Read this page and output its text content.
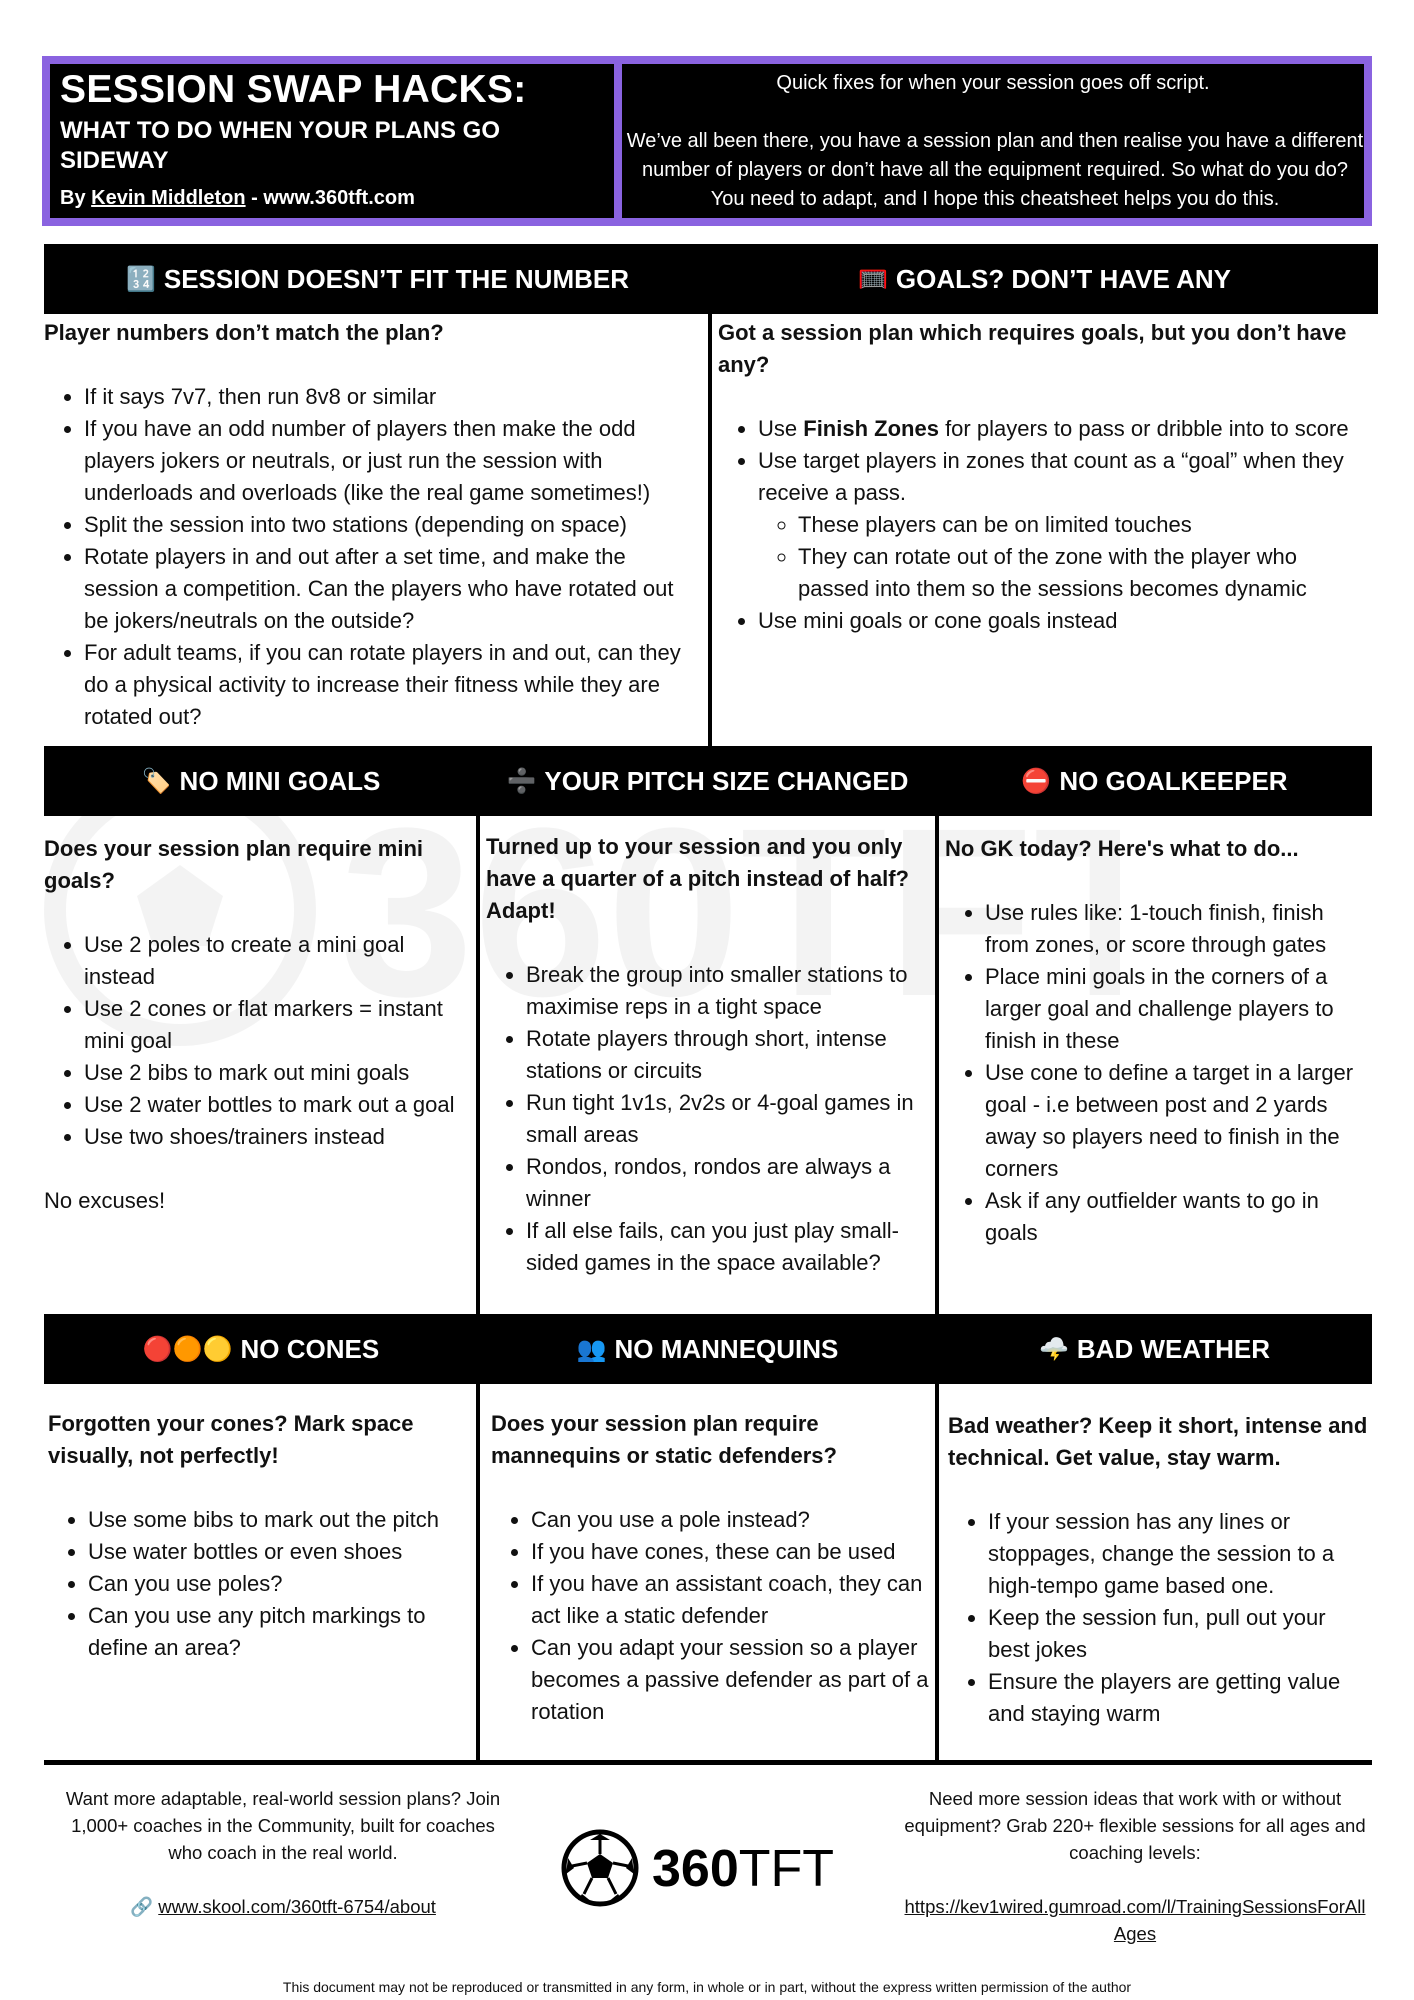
SESSION SWAP HACKS:
WHAT TO DO WHEN YOUR PLANS GO SIDEWAY
By Kevin Middleton - www.360tft.com
Quick fixes for when your session goes off script.
We’ve all been there, you have a session plan and then realise you have a different number of players or don’t have all the equipment required. So what do you do? You need to adapt, and I hope this cheatsheet helps you do this.
🔢 SESSION DOESN’T FIT THE NUMBER	🥅 GOALS? DON’T HAVE ANY
Player numbers don’t match the plan?
• If it says 7v7, then run 8v8 or similar
• If you have an odd number of players then make the odd players jokers or neutrals, or just run the session with underloads and overloads (like the real game sometimes!)
• Split the session into two stations (depending on space)
• Rotate players in and out after a set time, and make the session a competition. Can the players who have rotated out be jokers/neutrals on the outside?
• For adult teams, if you can rotate players in and out, can they do a physical activity to increase their fitness while they are rotated out?
Got a session plan which requires goals, but you don’t have any?
• Use Finish Zones for players to pass or dribble into to score
• Use target players in zones that count as a “goal” when they receive a pass.
◦ These players can be on limited touches
◦ They can rotate out of the zone with the player who passed into them so the sessions becomes dynamic
• Use mini goals or cone goals instead
🏷️ NO MINI GOALS	➗ YOUR PITCH SIZE CHANGED	⛔ NO GOALKEEPER
Does your session plan require mini goals?
• Use 2 poles to create a mini goal instead
• Use 2 cones or flat markers = instant mini goal
• Use 2 bibs to mark out mini goals
• Use 2 water bottles to mark out a goal
• Use two shoes/trainers instead

No excuses!

Turned up to your session and you only have a quarter of a pitch instead of half? Adapt!
• Break the group into smaller stations to maximise reps in a tight space
• Rotate players through short, intense stations or circuits
• Run tight 1v1s, 2v2s or 4-goal games in small areas
• Rondos, rondos, rondos are always a winner
• If all else fails, can you just play small-sided games in the space available?
No GK today? Here's what to do...
• Use rules like: 1-touch finish, finish from zones, or score through gates
• Place mini goals in the corners of a larger goal and challenge players to finish in these
• Use cone to define a target in a larger goal - i.e between post and 2 yards away so players need to finish in the corners
• Ask if any outfielder wants to go in goals
🔴🟠🟡 NO CONES	👥 NO MANNEQUINS	🌩️ BAD WEATHER
Forgotten your cones? Mark space visually, not perfectly!
• Use some bibs to mark out the pitch
• Use water bottles or even shoes
• Can you use poles?
• Can you use any pitch markings to define an area?
Does your session plan require mannequins or static defenders?
• Can you use a pole instead?
• If you have cones, these can be used
• If you have an assistant coach, they can act like a static defender
• Can you adapt your session so a player becomes a passive defender as part of a rotation
Bad weather? Keep it short, intense and technical. Get value, stay warm.
• If your session has any lines or stoppages, change the session to a high-tempo game based one.
• Keep the session fun, pull out your best jokes
• Ensure the players are getting value and staying warm
Want more adaptable, real-world session plans? Join 1,000+ coaches in the Community, built for coaches who coach in the real world.
🔗 www.skool.com/360tft-6754/about
360TFT
Need more session ideas that work with or without equipment? Grab 220+ flexible sessions for all ages and coaching levels:
https://kev1wired.gumroad.com/l/TrainingSessionsForAllAges
This document may not be reproduced or transmitted in any form, in whole or in part, without the express written permission of the author
